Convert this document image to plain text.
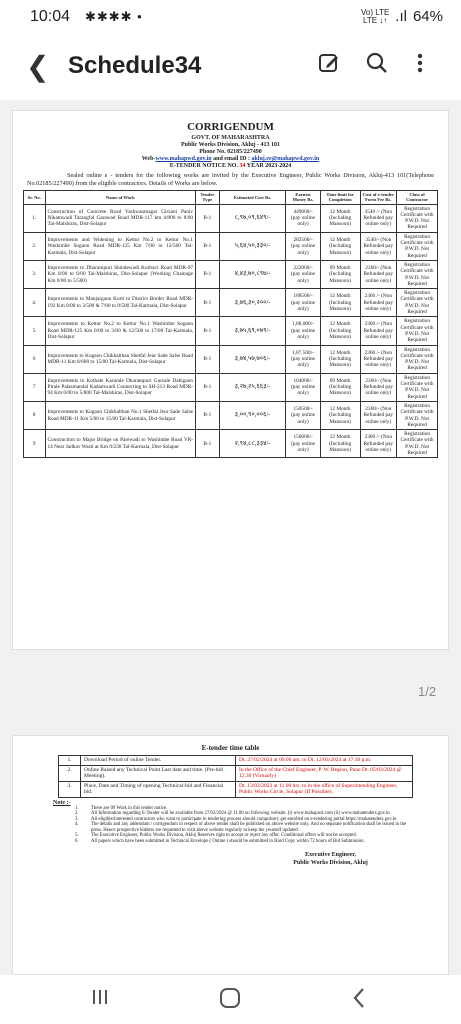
10:04 ✱✱✱✱ •	Vo) LTE
LTE ↓↑ .ıl 64%
❮ Schedule34
CORRIGENDUM
GOVT. OF MAHARASHTRA
Public Works Division, Akluj - 413 101
Phone No. 02185/227490
Web-www.mahapwd.gov.in and email ID : akluj.ee@mahapwd.gov.in
E-TENDER NOTICE NO. 34 YEAR 2023-2024

Sealed online e - tenders for the following works are invited by the Executive Engineer, Public Works Division, Akluj-413 101(Telephone No.02185/227490) from the eligible contractors. Details of Works are below.

Sr. No.	Name of Work	Tender Type	Estimated Cost Rs.	Earnest Money Rs.	Time limit for Completion	Cost of e-tender Form Fee Rs.	Class of Contractor
1.	Construction of Concrete Road Yashwantnagar Girzani Paniv Nikamwadi Tarangfal Garawad Road MDR-117 km 4/800 to 8/00 Tal-Malshiras, Dist-Solapur	B-1	८,९७,०९,६४९/-	449000/- (pay online only)	12 Month (Including Mansoon)	3540 /- (Non Refunded pay online only)	Registration Certificate with P.W.D. Not Required
2.	Improvements and Widening to Kettur No.2 to Kettur No.1 Washimbe Sogaon Road MDR-125 Km 7/00 to 12/500 Tal-Karmala, Dist-Solapur	B-1	५,६४,५०,३३०/-	282500/- (pay online only)	12 Month (Including Mansoon)	3540/- (Non Refunded pay online only)	Registration Certificate with P.W.D. Not Required
3.	Improvements to Dharampuri Shindewadi Kurbavi Road MDR-97 Km 0/00 to 6/00 Tal-Malshiras, Dist-Solapur (Working Chainage Km 0/00 to 5/500)	B-1	४,४३,७०,८९७/-	222000/- (pay online only)	09 Month (Including Mansoon)	2360/- (Non Refunded pay online only)	Registration Certificate with P.W.D. Not Required
4.	Improvements to Manjargaon Korti to District Border Road MDR-192 Km 0/00 to 3/500 & 7/00 to 8/500 Tal-Karmala, Dist-Solapur	B-1	३,७६,३०,२००/-	188500/- (pay online only)	12 Month (Including Mansoon)	2360 /- (Non Refunded pay online only)	Registration Certificate with P.W.D. Not Required
5	Improvements to Kettur No.2 to Kettur No.1 Washimbe Sogaon Road MDR-125 Km 0/00 to 3/00 & 12/500 to 17/00 Tal-Karmala, Dist-Solapur	B-1	३,७५,६९,०७९/-	1,88,000/- (pay online only)	12 Month (Including Mansoon)	2360 /- (Non Refunded pay online only)	Registration Certificate with P.W.D. Not Required
6	Improvements to Kugaon Chikhalthan Shetfal Jeur Sade Salse Road MDR-11 Km 8/600 to 15/00 Tal-Karmala, Dist-Solapur	B-1	३,७४,५७,७०६/-	1,87,500/- (pay online only)	12 Month (Including Mansoon)	2360 /- (Non Refunded pay online only)	Registration Certificate with P.W.D. Not Required
7	Improvements to Kothale Karunde Dharampuri Gursale Dahigaon Pirale Palasmandal Kadamwadi Connecting to SH-213 Road MDR-94 Km 0/00 to 5/800 Tal-Malshiras, Dist-Solapur	B-1	३,२७,२५,६६३/-	164000/- (pay online only)	09 Month (Including Mansoon)	2360/- (Non Refunded pay online only)	Registration Certificate with P.W.D. Not Required
8	Improvements to Kugaon Chikhalthan No.1 Shetfal Jeur Sade Salse Road MDR-11 Km 5/00 to 15/00 Tal-Karmala, Dist-Solapur	B-1	३,००,९०,००६/-	150500/- (pay online only)	12 Month (Including Mansoon)	2360/- (Non Refunded pay online only)	Registration Certificate with P.W.D. Not Required
9	Construction to Major Bridge on Parewadi to Washimbe Road VR-14 Near Jadhav Wasti at Km 0/230 Tal-Karmala, Dist-Solapur	B-1	२,९४,८८,३३४/-	150000/- (pay online only)	12 Month (Including Mansoon)	2360 /- (Non Refunded pay online only)	Registration Certificate with P.W.D. Not Required
1/2
E-tender time table
1.	Download Period of online Tender.	Dt. 27/02/2024 at 09.00 am. to Dt. 12/03/2024 at 17.30 p.m.
2.	Online Raised any Technical Point Last date and time. (Pre-bid Meeting).	In the Office of the Chief Engineer, P. W. Region, Pune Dt. 05/03/2024 @ 12.30 (Virtually)
3.	Place, Date and Timing of opening Technical-bid and Financial bid.	Dt. 13/03/2023 at 11.00 hrs. to in the office of Superintending Engineer, Public Works Circle, Solapur (If Possible).
Note :-
1.	There are 09 Work in this tender notice.
2.	All Information regarding E-Tender will be available from 27/02/2024 @ 11.00 on following website. (i) www.mahapwd.com (ii) www.mahatenders.gov.in
3.	All eligible/interested contractors who want to participate in tendering process should compulsory get enrolled on e-tendering portal https://mahatenders.gov.in
4.	The details and any addendum / corrigendum in respect of above tender shall be published on above website only. And no separate notification shall be issued in the press. Hence prospective bidders are requested to visit above website regularly to keep the yourself updated
5.	The Executive Engineer, Public Works Division, Akluj Reserves right to accept or reject any offer. Conditional offers will not be accepted.
6.	All papers which have been submitted in Technical Envelope ( Online ) should be submitted in Hard Copy within 72 hours of Bid Submission.
Executive Engineer,
Public Works Division, Akluj
